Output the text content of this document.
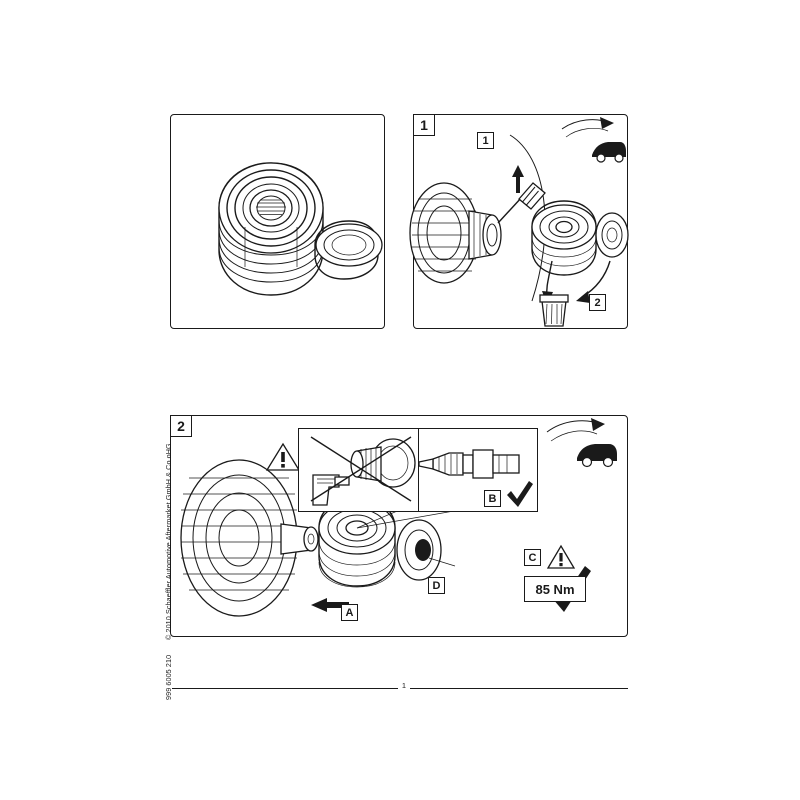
1
1
2
2
A
B
C
D	85 Nm
© 2010 Schaeffler Automotive Aftermarket GmbH & Co.oHG
999 6005 210	1
